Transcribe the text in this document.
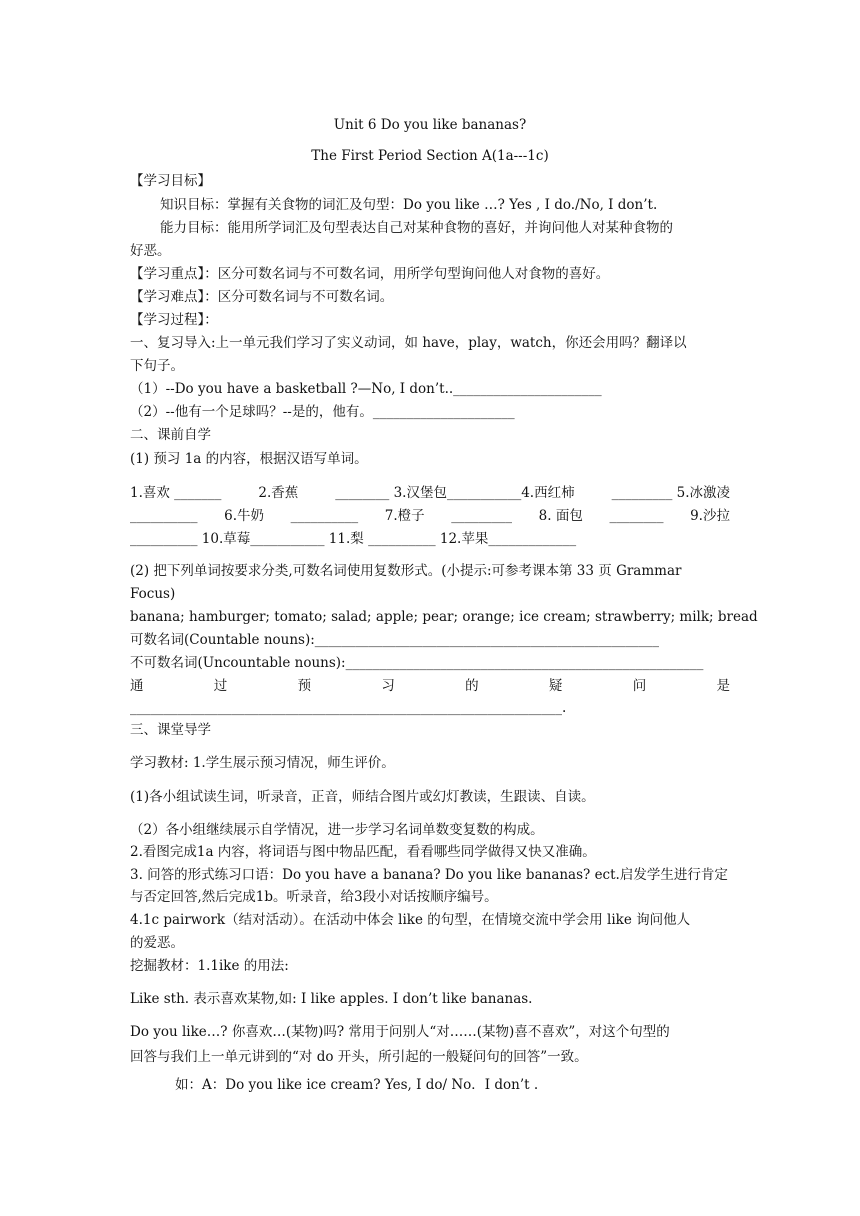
Unit 6 Do you like bananas?
The First Period Section A(1a---1c)
【学习目标】
知识目标：掌握有关食物的词汇及句型：Do you like …? Yes , I do./No, I don’t.
能力目标：能用所学词汇及句型表达自己对某种食物的喜好，并询问他人对某种食物的
好恶。
【学习重点】：区分可数名词与不可数名词，用所学句型询问他人对食物的喜好。
【学习难点】：区分可数名词与不可数名词。
【学习过程】：
一、复习导入:上一单元我们学习了实义动词，如 have，play，watch，你还会用吗？翻译以
下句子。
（1）--Do you have a basketball ?—No, I don’t..______________________
（2）--他有一个足球吗？--是的，他有。_____________________
二、课前自学
(1) 预习 1a 的内容，根据汉语写单词。
1.喜欢 _______	2.香蕉	________ 3.汉堡包___________4.西红柿	_________ 5.冰激凌
__________ 6.牛奶 __________ 7.橙子 _________ 8. 面包 ________ 9.沙拉
__________ 10.草莓___________ 11.梨 __________ 12.苹果_____________
(2) 把下列单词按要求分类,可数名词使用复数形式。(小提示:可参考课本第 33 页 Grammar
Focus)
banana; hamburger; tomato; salad; apple; pear; orange; ice cream; strawberry; milk; bread
可数名词(Countable nouns):___________________________________________________
不可数名词(Uncountable nouns):_____________________________________________________
通	过	预	习	的	疑	问	是
________________________________________________________________.
三、课堂导学
学习教材: 1.学生展示预习情况，师生评价。
(1)各小组试读生词，听录音，正音，师结合图片或幻灯教读，生跟读、自读。
（2）各小组继续展示自学情况，进一步学习名词单数变复数的构成。
2.看图完成1a 内容，将词语与图中物品匹配，看看哪些同学做得又快又准确。
3. 问答的形式练习口语：Do you have a banana? Do you like bananas? ect.启发学生进行肯定
与否定回答,然后完成1b。听录音，给3段小对话按顺序编号。
4.1c pairwork（结对活动）。在活动中体会 like 的句型，在情境交流中学会用 like 询问他人
的爱恶。
挖掘教材：1.1ike 的用法:
Like sth. 表示喜欢某物,如: I like apples. I don’t like bananas.
Do you like…? 你喜欢…(某物)吗? 常用于问别人“对……(某物)喜不喜欢”，对这个句型的
回答与我们上一单元讲到的“对 do 开头，所引起的一般疑问句的回答”一致。
如：A：Do you like ice cream? Yes, I do/ No．I don’t .
